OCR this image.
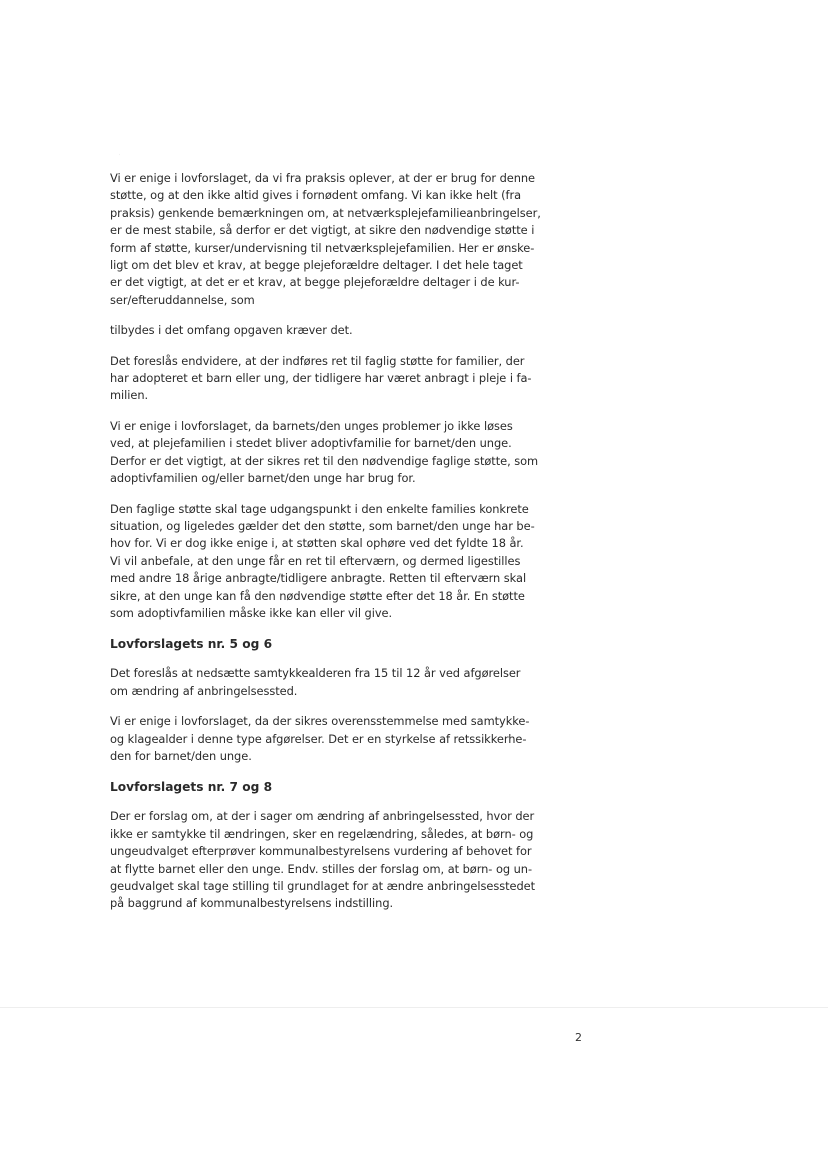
·
Vi er enige i lovforslaget, da vi fra praksis oplever, at der er brug for denne
støtte, og at den ikke altid gives i fornødent omfang. Vi kan ikke helt (fra
praksis) genkende bemærkningen om, at netværksplejefamilieanbringelser,
er de mest stabile, så derfor er det vigtigt, at sikre den nødvendige støtte i
form af støtte, kurser/undervisning til netværksplejefamilien. Her er ønske-
ligt om det blev et krav, at begge plejeforældre deltager. I det hele taget
er det vigtigt, at det er et krav, at begge plejeforældre deltager i de kur-
ser/efteruddannelse, som
tilbydes i det omfang opgaven kræver det.
Det foreslås endvidere, at der indføres ret til faglig støtte for familier, der
har adopteret et barn eller ung, der tidligere har været anbragt i pleje i fa-
milien.
Vi er enige i lovforslaget, da barnets/den unges problemer jo ikke løses
ved, at plejefamilien i stedet bliver adoptivfamilie for barnet/den unge.
Derfor er det vigtigt, at der sikres ret til den nødvendige faglige støtte, som
adoptivfamilien og/eller barnet/den unge har brug for.
Den faglige støtte skal tage udgangspunkt i den enkelte families konkrete
situation, og ligeledes gælder det den støtte, som barnet/den unge har be-
hov for. Vi er dog ikke enige i, at støtten skal ophøre ved det fyldte 18 år.
Vi vil anbefale, at den unge får en ret til efterværn, og dermed ligestilles
med andre 18 årige anbragte/tidligere anbragte. Retten til efterværn skal
sikre, at den unge kan få den nødvendige støtte efter det 18 år. En støtte
som adoptivfamilien måske ikke kan eller vil give.
Lovforslagets nr. 5 og 6
Det foreslås at nedsætte samtykkealderen fra 15 til 12 år ved afgørelser
om ændring af anbringelsessted.
Vi er enige i lovforslaget, da der sikres overensstemmelse med samtykke-
og klagealder i denne type afgørelser. Det er en styrkelse af retssikkerhe-
den for barnet/den unge.
Lovforslagets nr. 7 og 8
Der er forslag om, at der i sager om ændring af anbringelsessted, hvor der
ikke er samtykke til ændringen, sker en regelændring, således, at børn- og
ungeudvalget efterprøver kommunalbestyrelsens vurdering af behovet for
at flytte barnet eller den unge. Endv. stilles der forslag om, at børn- og un-
geudvalget skal tage stilling til grundlaget for at ændre anbringelsesstedet
på baggrund af kommunalbestyrelsens indstilling.
2
